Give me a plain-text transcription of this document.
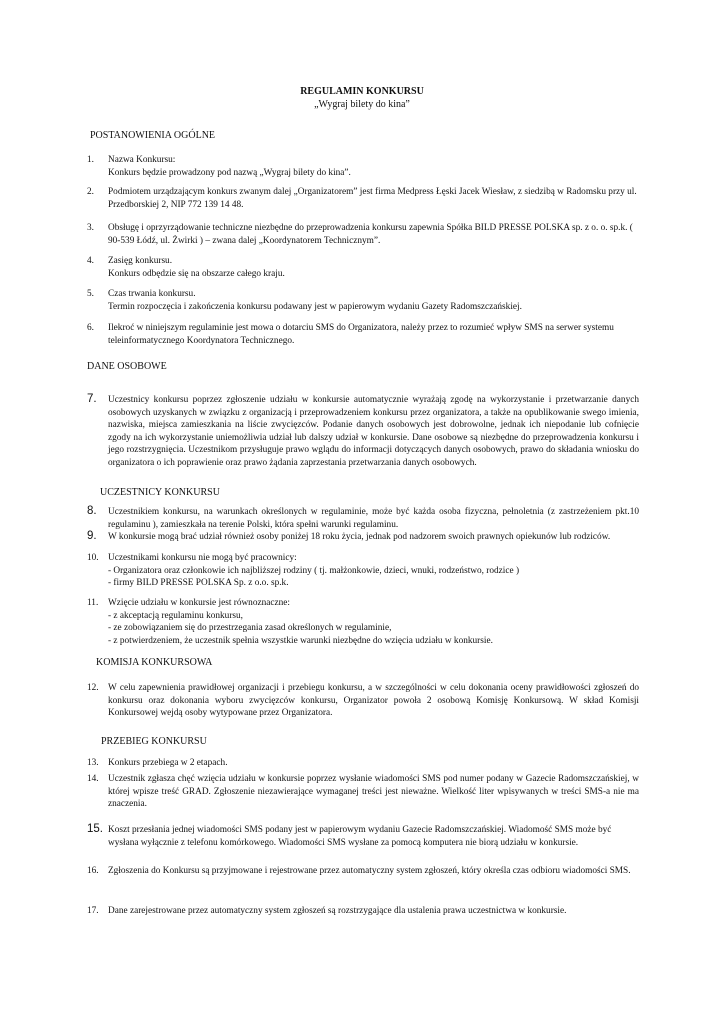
REGULAMIN KONKURSU
„Wygraj bilety do kina”
POSTANOWIENIA OGÓLNE
1.	Nazwa Konkursu:

Konkurs będzie prowadzony pod nazwą „Wygraj bilety do kina”.

2.	Podmiotem urządzającym konkurs zwanym dalej „Organizatorem” jest firma Medpress Łęski Jacek Wiesław, z siedzibą w Radomsku przy ul. Przedborskiej 2, NIP 772 139 14 48.

3.	Obsługę i oprzyrządowanie techniczne niezbędne do przeprowadzenia konkursu zapewnia Spółka BILD PRESSE POLSKA sp. z o. o. sp.k. ( 90-539 Łódź, ul. Żwirki ) – zwana dalej „Koordynatorem Technicznym”.

4.	Zasięg konkursu.

Konkurs odbędzie się na obszarze całego kraju.

5.	Czas trwania konkursu.

Termin rozpoczęcia i zakończenia konkursu podawany jest w papierowym wydaniu Gazety Radomszczańskiej.

6.	Ilekroć w niniejszym regulaminie jest mowa o dotarciu SMS do Organizatora, należy przez to rozumieć wpływ SMS na serwer systemu teleinformatycznego Koordynatora Technicznego.

DANE OSOBOWE
7.	Uczestnicy konkursu poprzez zgłoszenie udziału w konkursie automatycznie wyrażają zgodę na wykorzystanie i przetwarzanie danych osobowych uzyskanych w związku z organizacją i przeprowadzeniem konkursu przez organizatora, a także na opublikowanie swego imienia, nazwiska, miejsca zamieszkania na liście zwycięzców. Podanie danych osobowych jest dobrowolne, jednak ich niepodanie lub cofnięcie zgody na ich wykorzystanie uniemożliwia udział lub dalszy udział w konkursie. Dane osobowe są niezbędne do przeprowadzenia konkursu i jego rozstrzygnięcia. Uczestnikom przysługuje prawo wglądu do informacji dotyczących danych osobowych, prawo do składania wniosku do organizatora o ich poprawienie oraz prawo żądania zaprzestania przetwarzania danych osobowych.

UCZESTNICY KONKURSU
8.	Uczestnikiem konkursu, na warunkach określonych w regulaminie, może być każda osoba fizyczna, pełnoletnia (z zastrzeżeniem pkt.10 regulaminu ), zamieszkała na terenie Polski, która spełni warunki regulaminu.

9.	W konkursie mogą brać udział również osoby poniżej 18 roku życia, jednak pod nadzorem swoich prawnych opiekunów lub rodziców.

10.	Uczestnikami konkursu nie mogą być pracownicy:

- Organizatora oraz członkowie ich najbliższej rodziny ( tj. małżonkowie, dzieci, wnuki, rodzeństwo, rodzice )

- firmy BILD PRESSE POLSKA Sp. z o.o. sp.k.

11.	Wzięcie udziału w konkursie jest równoznaczne:

- z akceptacją regulaminu konkursu,

- ze zobowiązaniem się do przestrzegania zasad określonych w regulaminie,

- z potwierdzeniem, że uczestnik spełnia wszystkie warunki niezbędne do wzięcia udziału w konkursie.

KOMISJA KONKURSOWA
12.	W celu zapewnienia prawidłowej organizacji i przebiegu konkursu, a w szczególności w celu dokonania oceny prawidłowości zgłoszeń do konkursu oraz dokonania wyboru zwycięzców konkursu, Organizator powoła 2 osobową Komisję Konkursową. W skład Komisji Konkursowej wejdą osoby wytypowane przez Organizatora.

PRZEBIEG KONKURSU
13.	Konkurs przebiega w 2 etapach.

14.	Uczestnik zgłasza chęć wzięcia udziału w konkursie poprzez wysłanie wiadomości SMS pod numer podany w Gazecie Radomszczańskiej, w której wpisze treść GRAD. Zgłoszenie niezawierające wymaganej treści jest nieważne. Wielkość liter wpisywanych w treści SMS-a nie ma znaczenia.

15. Koszt przesłania jednej wiadomości SMS podany jest w papierowym wydaniu Gazecie Radomszczańskiej. Wiadomość SMS może być wysłana wyłącznie z telefonu komórkowego. Wiadomości SMS wysłane za pomocą komputera nie biorą udziału w konkursie.

16.	Zgłoszenia do Konkursu są przyjmowane i rejestrowane przez automatyczny system zgłoszeń, który określa czas odbioru wiadomości SMS.

17.	Dane zarejestrowane przez automatyczny system zgłoszeń są rozstrzygające dla ustalenia prawa uczestnictwa w konkursie.
